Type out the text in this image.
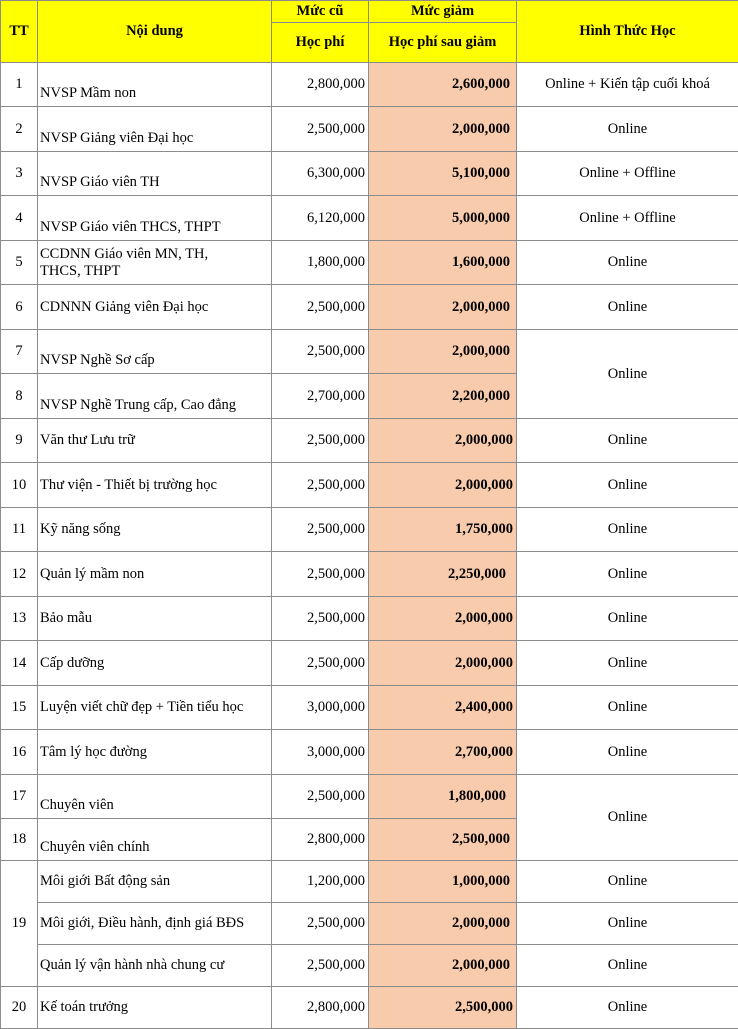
TT	Nội dung	Mức cũ	Mức giảm	Hình Thức Học
		Học phí	Học phí sau giảm	
1	NVSP Mầm non	2,800,000	2,600,000	Online + Kiến tập cuối khoá
2	NVSP Giảng viên Đại học	2,500,000	2,000,000	Online
3	NVSP Giáo viên TH	6,300,000	5,100,000	Online + Offline
4	NVSP Giáo viên THCS, THPT	6,120,000	5,000,000	Online + Offline
5	CCDNN Giáo viên MN, TH,
THCS, THPT	1,800,000	1,600,000	Online
6	CDNNN Giảng viên Đại học	2,500,000	2,000,000	Online
7	NVSP Nghề Sơ cấp	2,500,000	2,000,000	Online
8	NVSP Nghề Trung cấp, Cao đẳng	2,700,000	2,200,000	
9	Văn thư Lưu trữ	2,500,000	2,000,000	Online
10	Thư viện - Thiết bị trường học	2,500,000	2,000,000	Online
11	Kỹ năng sống	2,500,000	1,750,000	Online
12	Quản lý mầm non	2,500,000	2,250,000	Online
13	Bảo mẫu	2,500,000	2,000,000	Online
14	Cấp dưỡng	2,500,000	2,000,000	Online
15	Luyện viết chữ đẹp + Tiền tiểu học	3,000,000	2,400,000	Online
16	Tâm lý học đường	3,000,000	2,700,000	Online
17	Chuyên viên	2,500,000	1,800,000	Online
18	Chuyên viên chính	2,800,000	2,500,000	
19	Môi giới Bất động sản	1,200,000	1,000,000	Online
	Môi giới, Điều hành, định giá BĐS	2,500,000	2,000,000	Online
	Quản lý vận hành nhà chung cư	2,500,000	2,000,000	Online
20	Kế toán trưởng	2,800,000	2,500,000	Online
